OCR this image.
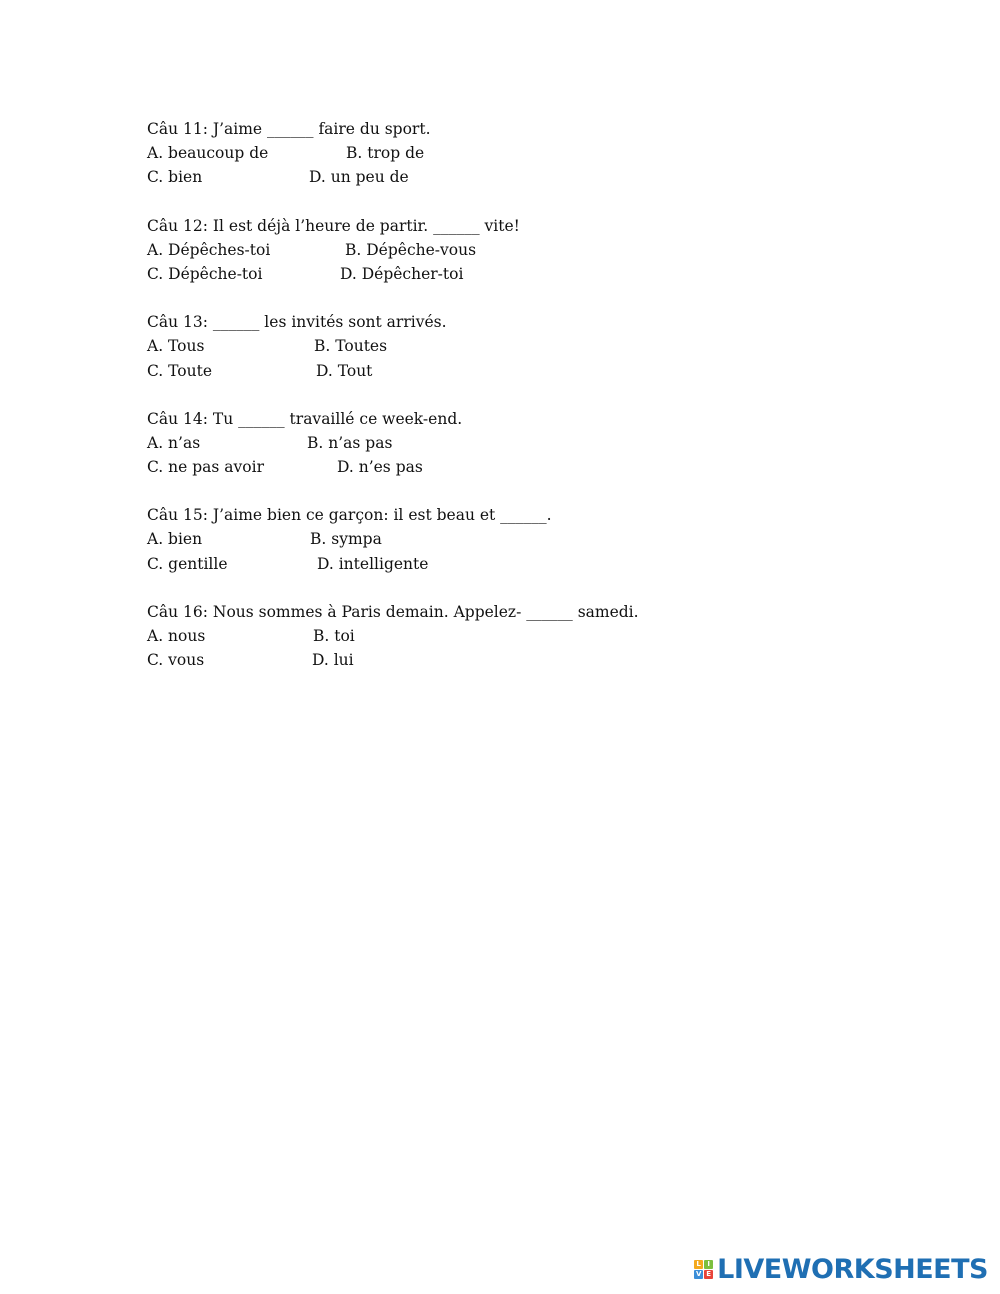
Câu 11: J’aime ______ faire du sport.
A. beaucoup de	B. trop de
C. bien	D. un peu de
Câu 12: Il est déjà l’heure de partir. ______ vite!
A. Dépêches-toi	B. Dépêche-vous
C. Dépêche-toi	D. Dépêcher-toi
Câu 13: ______ les invités sont arrivés.
A. Tous	B. Toutes
C. Toute	D. Tout
Câu 14: Tu ______ travaillé ce week-end.
A. n’as	B. n’as pas
C. ne pas avoir	D. n’es pas
Câu 15: J’aime bien ce garçon: il est beau et ______.
A. bien	B. sympa
C. gentille	D. intelligente
Câu 16: Nous sommes à Paris demain. Appelez- ______ samedi.
A. nous	B. toi
C. vous	D. lui
L I
V E LIVEWORKSHEETS
